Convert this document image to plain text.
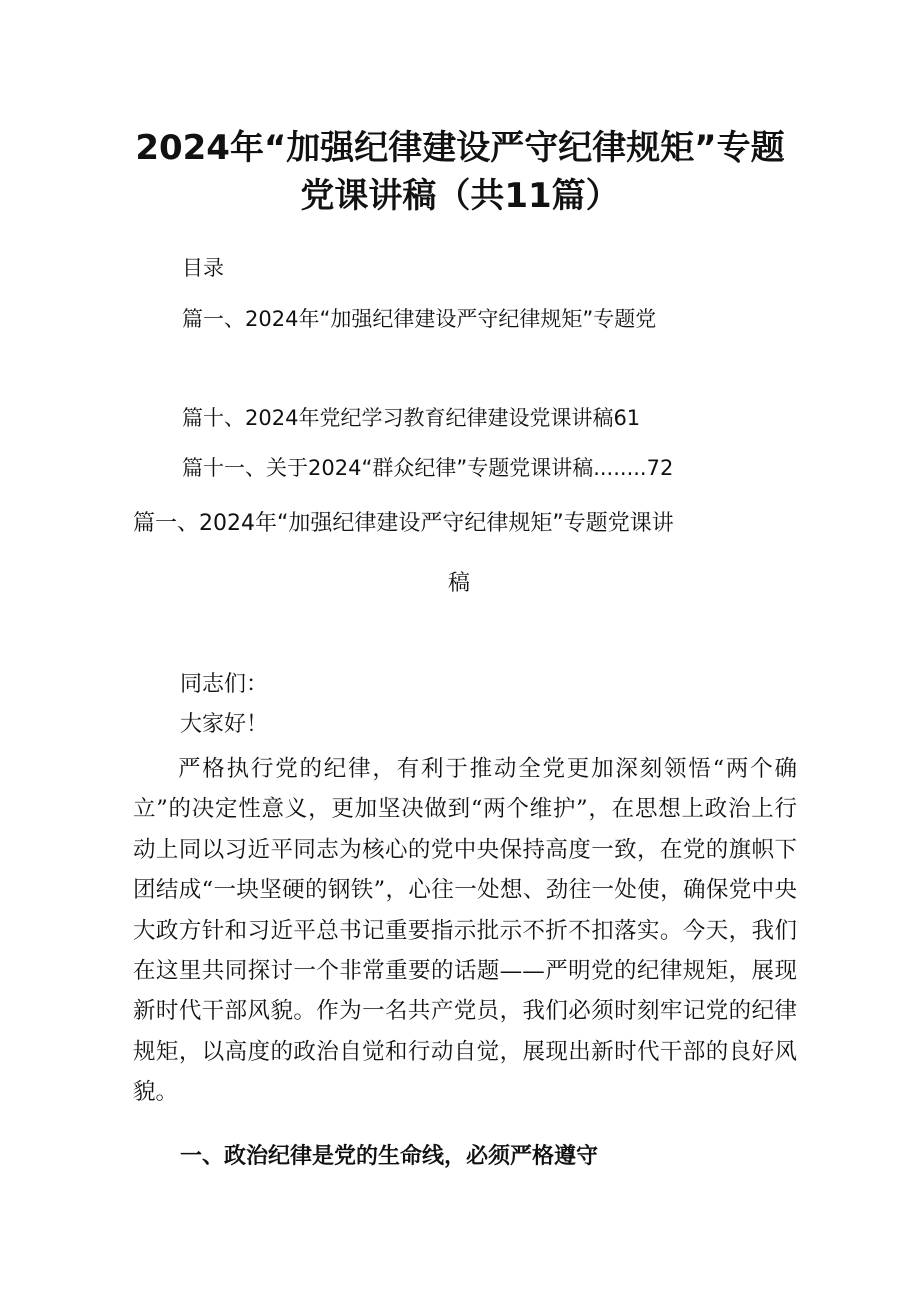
2024年“加强纪律建设严守纪律规矩”专题
党课讲稿（共11篇）
目录
篇一、2024年“加强纪律建设严守纪律规矩”专题党
篇十、2024年党纪学习教育纪律建设党课讲稿61
篇十一、关于2024“群众纪律”专题党课讲稿........72
篇一、2024年“加强纪律建设严守纪律规矩”专题党课讲
稿
同志们：
大家好！
严格执行党的纪律，有利于推动全党更加深刻领悟“两个确立”的决定性意义，更加坚决做到“两个维护”，在思想上政治上行动上同以习近平同志为核心的党中央保持高度一致，在党的旗帜下团结成“一块坚硬的钢铁”，心往一处想、劲往一处使，确保党中央大政方针和习近平总书记重要指示批示不折不扣落实。今天，我们在这里共同探讨一个非常重要的话题——严明党的纪律规矩，展现新时代干部风貌。作为一名共产党员，我们必须时刻牢记党的纪律规矩，以高度的政治自觉和行动自觉，展现出新时代干部的良好风貌。
一、政治纪律是党的生命线，必须严格遵守
